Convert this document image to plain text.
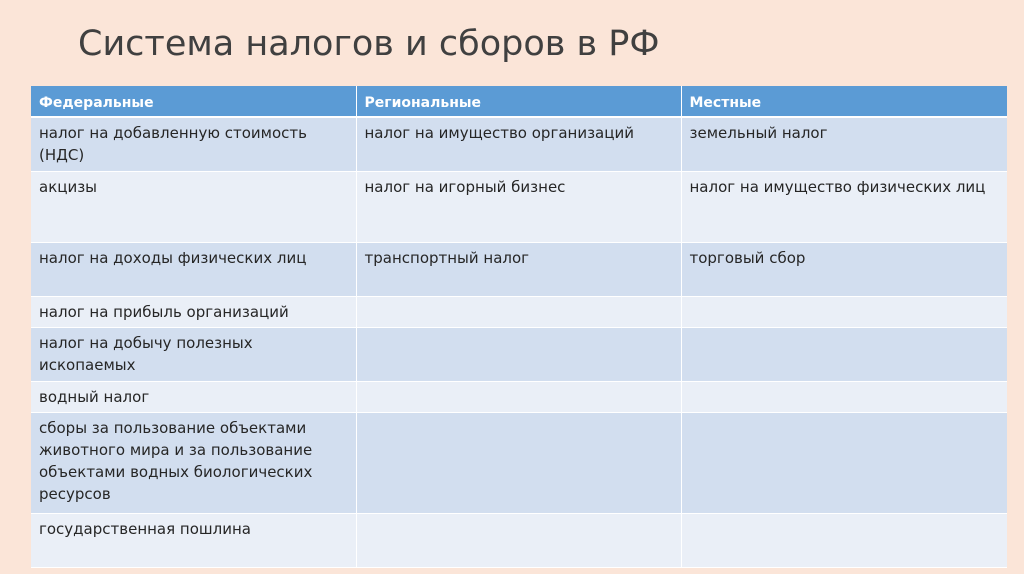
Система налогов и сборов в РФ
Федеральные	Региональные	Местные
налог на добавленную стоимость (НДС)	налог на имущество организаций	земельный налог
акцизы	налог на игорный бизнес	налог на имущество физических лиц
налог на доходы физических лиц	транспортный налог	торговый сбор
налог на прибыль организаций		
налог на добычу полезных ископаемых		
водный налог		
сборы за пользование объектами животного мира и за пользование объектами водных биологических ресурсов		
государственная пошлина		
